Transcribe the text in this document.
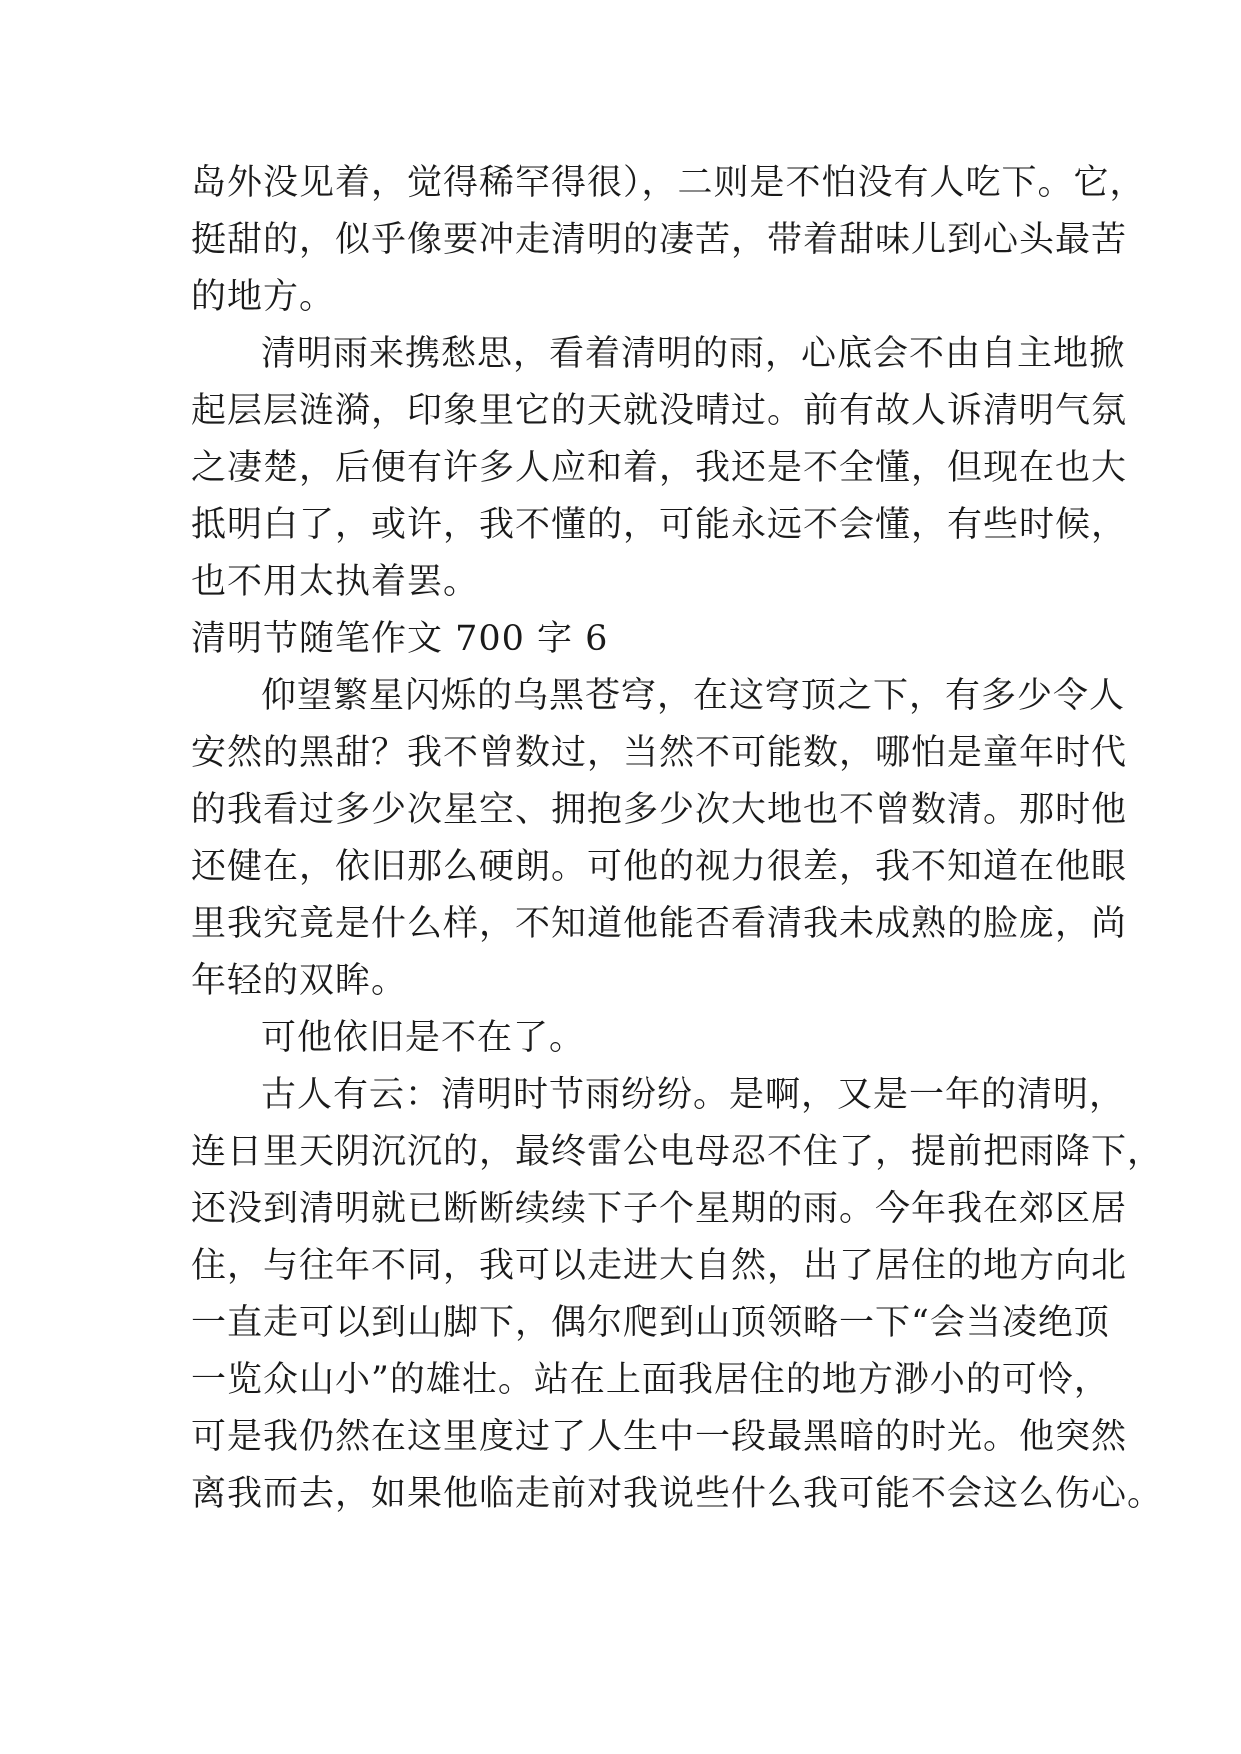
岛外没见着，觉得稀罕得很），二则是不怕没有人吃下。它，
挺甜的，似乎像要冲走清明的凄苦，带着甜味儿到心头最苦
的地方。
清明雨来携愁思，看着清明的雨，心底会不由自主地掀
起层层涟漪，印象里它的天就没晴过。前有故人诉清明气氛
之凄楚，后便有许多人应和着，我还是不全懂，但现在也大
抵明白了，或许，我不懂的，可能永远不会懂，有些时候，
也不用太执着罢。
清明节随笔作文 700 字 6
仰望繁星闪烁的乌黑苍穹，在这穹顶之下，有多少令人
安然的黑甜？我不曾数过，当然不可能数，哪怕是童年时代
的我看过多少次星空、拥抱多少次大地也不曾数清。那时他
还健在，依旧那么硬朗。可他的视力很差，我不知道在他眼
里我究竟是什么样，不知道他能否看清我未成熟的脸庞，尚
年轻的双眸。
可他依旧是不在了。
古人有云：清明时节雨纷纷。是啊，又是一年的清明，
连日里天阴沉沉的，最终雷公电母忍不住了，提前把雨降下，
还没到清明就已断断续续下子个星期的雨。今年我在郊区居
住，与往年不同，我可以走进大自然，出了居住的地方向北
一直走可以到山脚下，偶尔爬到山顶领略一下“会当凌绝顶
一览众山小”的雄壮。站在上面我居住的地方渺小的可怜，
可是我仍然在这里度过了人生中一段最黑暗的时光。他突然
离我而去，如果他临走前对我说些什么我可能不会这么伤心。
